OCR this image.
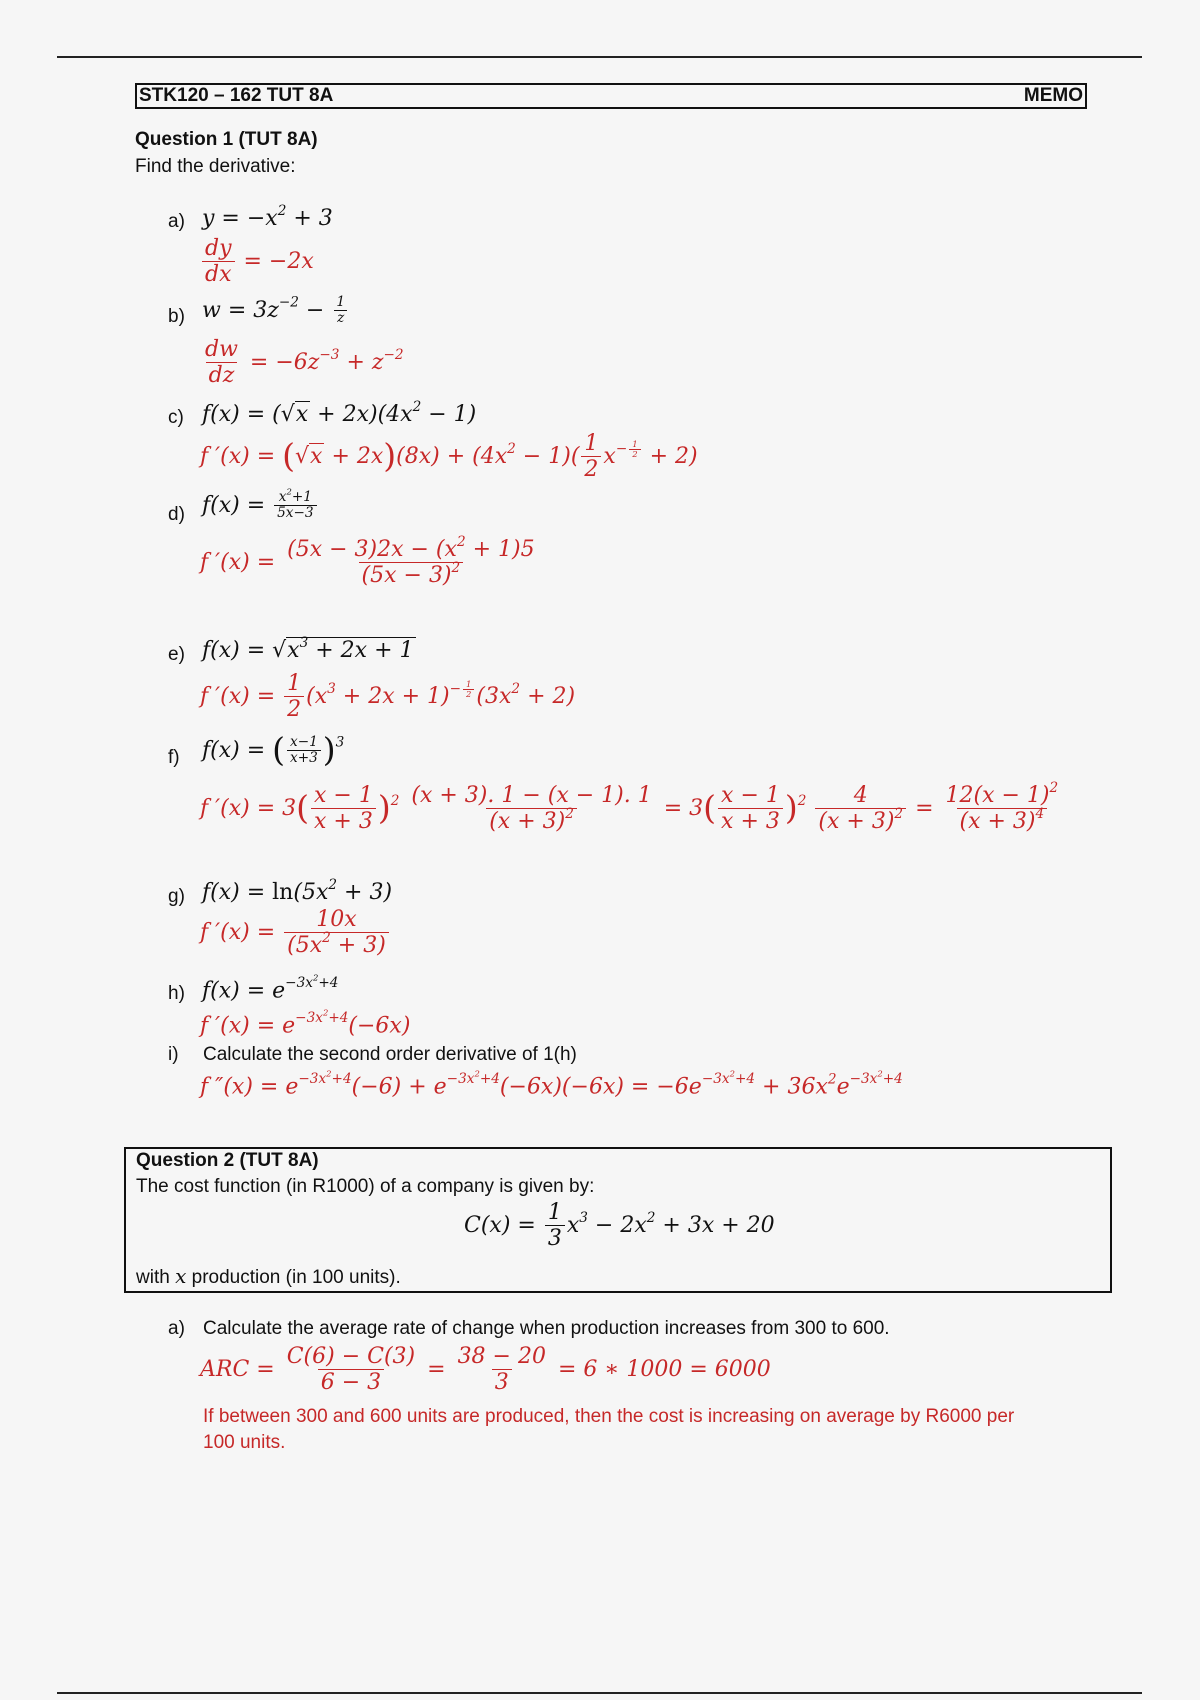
STK120 – 162 TUT 8A	MEMO
Question 1 (TUT 8A)
Find the derivative:
a) $y = -x^2 + 3$
$\frac{dy}{dx} = -2x$
b) $w = 3z^{-2} - \frac{1}{z}$
$\frac{dw}{dz} = -6z^{-3} + z^{-2}$
c) $f(x) = (√x + 2x)(4x^2 - 1)$
f $'(x) = (√x + 2x)(8x) + (4x^2 - 1)( \frac{1}{2} x^{- \frac{1}{2}} + 2)$
d) $f(x) = \frac{x^2+1}{5x-3}$
f $'(x) = \frac{(5x - 3)2x - (x^2 + 1)5}{(5x - 3)^2}$
e) $f(x) = √x^3 + 2x + 1$
f $'(x) = \frac{1}{2} (x^3 + 2x + 1)^{- \frac{1}{2}}$ $(3x^2 + 2)$
f) f(x) = ( $\frac{x-1}{x+3} )^3$
f $'(x) = 3( \frac{x - 1}{x + 3} )^2 \frac{(x + 3). 1 - (x - 1). 1}{(x + 3)^2} = 3( \frac{x - 1}{x + 3} )^2 \frac{4}{(x + 3)^2} = \frac{12(x - 1)^2}{(x + 3)^4}$
g) $f(x) = \ln(5x^2 + 3)$
f $'(x) = \frac{10x}{(5x^2 + 3)}$
h) $f(x) = e^{-3x^2+4}$
f $'(x) = e^{-3x^2+4}(-6x)$
i) Calculate the second order derivative of 1(h)
f $''(x) = e^{-3x^2+4}(-6) + e^{-3x^2+4}(-6x)(-6x) = -6e^{-3x^2+4} + 36x^2e^{-3x^2+4}$
Question 2 (TUT 8A)
The cost function (in R1000) of a company is given by:
$C(x) = \frac{1}{3} x^3 - 2x^2 + 3x + 20$
with x production (in 100 units).
a) Calculate the average rate of change when production increases from 300 to 600.
ARC = $\frac{C(6) - C(3)}{6 - 3} = \frac{38 - 20}{3} = 6$ ∗ 1000 = 6000
If between 300 and 600 units are produced, then the cost is increasing on average by R6000 per
100 units.
